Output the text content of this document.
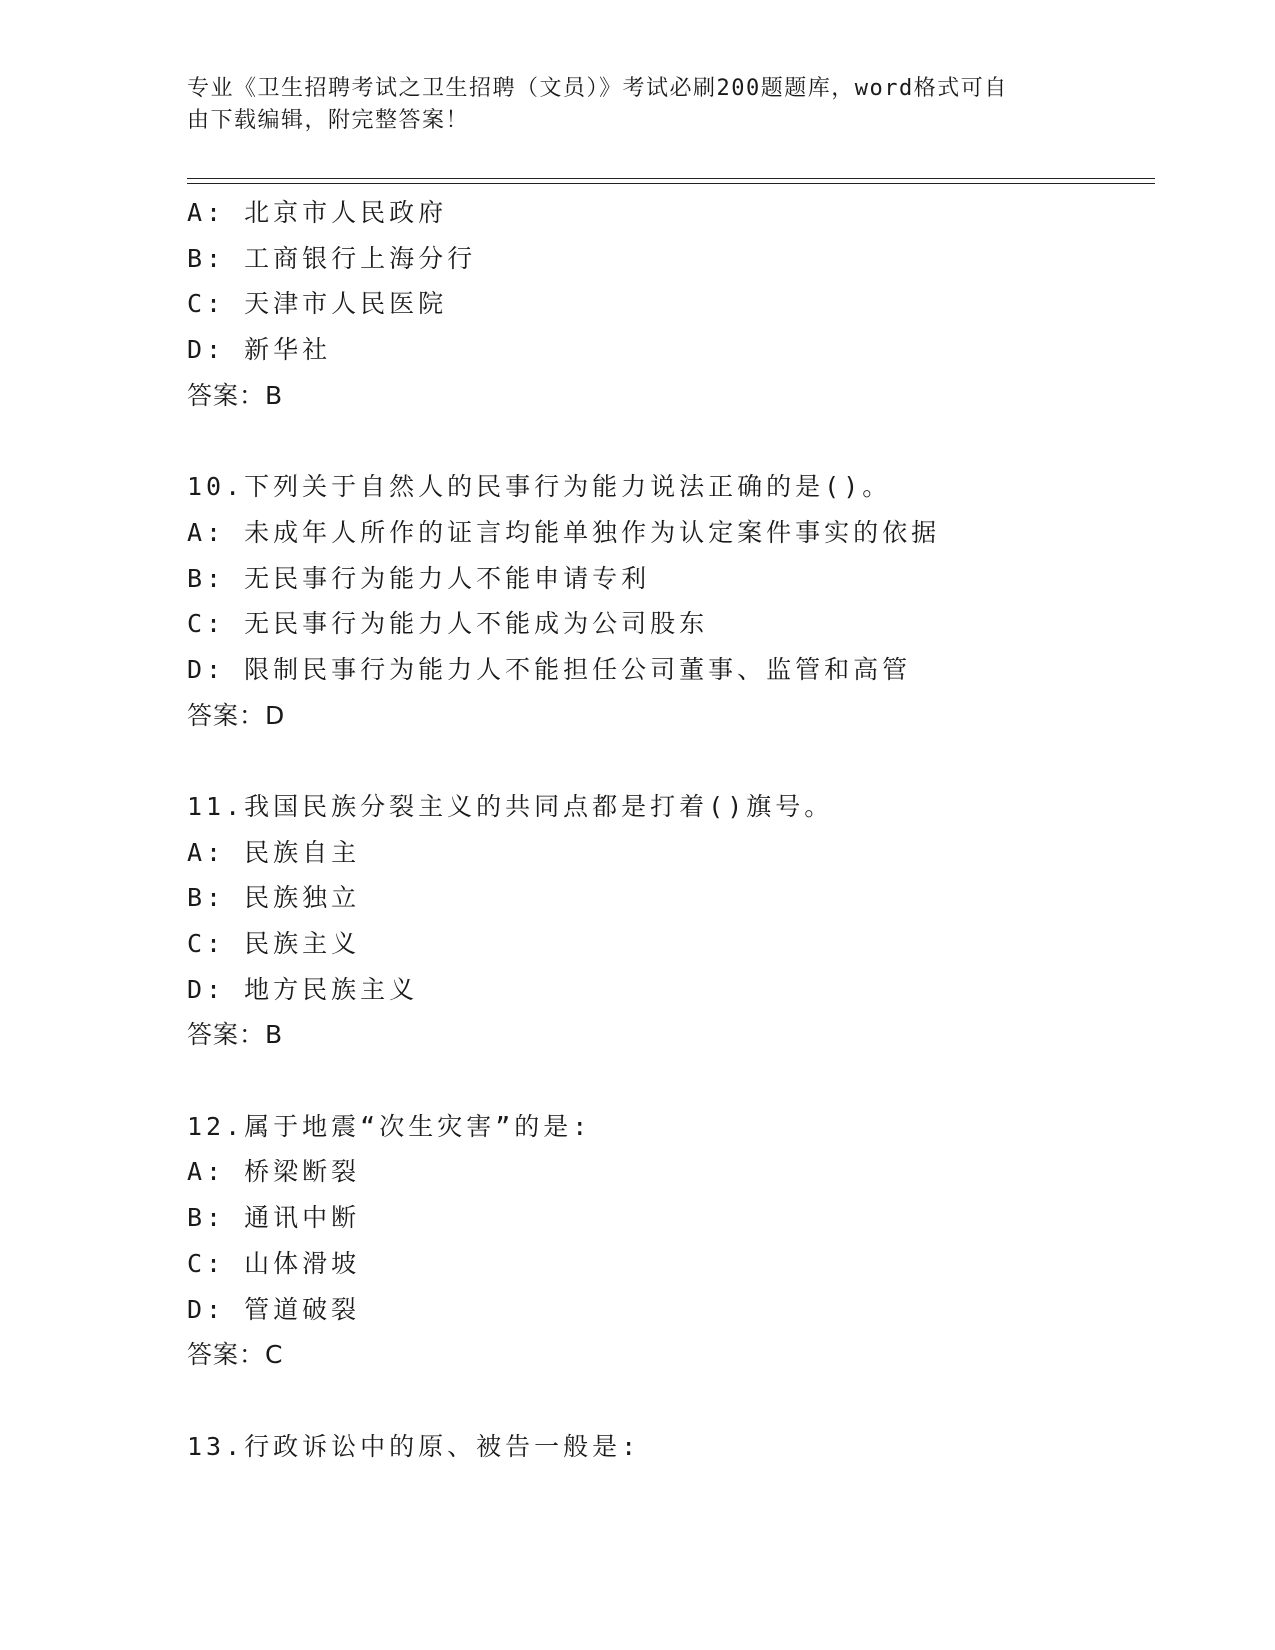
专业《卫生招聘考试之卫生招聘（文员）》考试必刷200题题库，word格式可自
由下载编辑，附完整答案！
A: 北京市人民政府
B: 工商银行上海分行
C: 天津市人民医院
D: 新华社
答案：B
10.下列关于自然人的民事行为能力说法正确的是()。
A: 未成年人所作的证言均能单独作为认定案件事实的依据
B: 无民事行为能力人不能申请专利
C: 无民事行为能力人不能成为公司股东
D: 限制民事行为能力人不能担任公司董事、监管和高管
答案：D
11.我国民族分裂主义的共同点都是打着()旗号。
A: 民族自主
B: 民族独立
C: 民族主义
D: 地方民族主义
答案：B
12.属于地震“次生灾害”的是:
A: 桥梁断裂
B: 通讯中断
C: 山体滑坡
D: 管道破裂
答案：C
13.行政诉讼中的原、被告一般是:
